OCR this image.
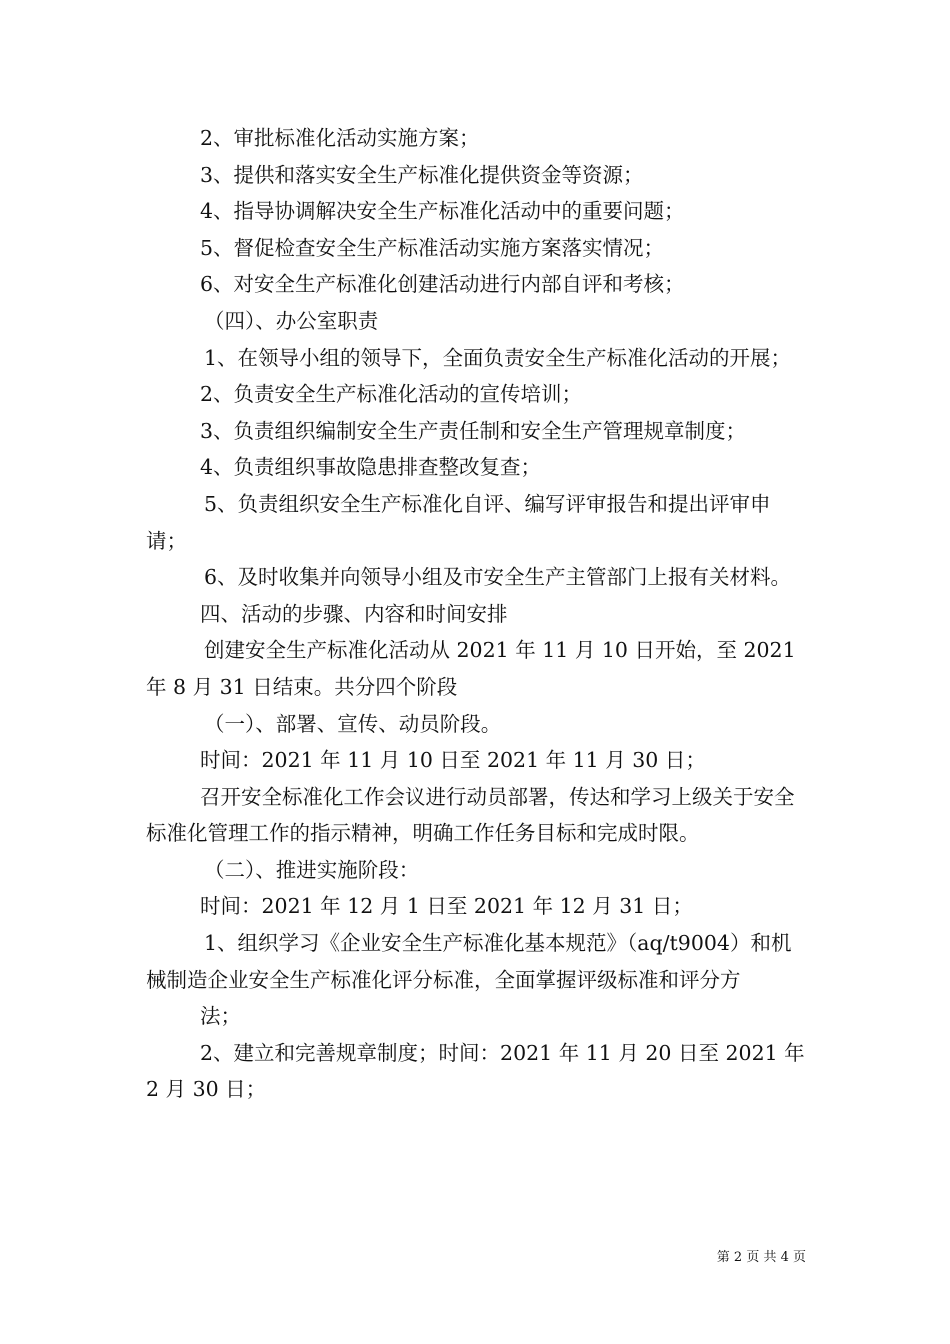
2、审批标准化活动实施方案；

3、提供和落实安全生产标准化提供资金等资源；

4、指导协调解决安全生产标准化活动中的重要问题；

5、督促检查安全生产标准活动实施方案落实情况；

6、对安全生产标准化创建活动进行内部自评和考核；

（四）、办公室职责

1、在领导小组的领导下，全面负责安全生产标准化活动的开展；

2、负责安全生产标准化活动的宣传培训；

3、负责组织编制安全生产责任制和安全生产管理规章制度；

4、负责组织事故隐患排查整改复查；

5、负责组织安全生产标准化自评、编写评审报告和提出评审申请；

6、及时收集并向领导小组及市安全生产主管部门上报有关材料。

四、活动的步骤、内容和时间安排

创建安全生产标准化活动从 2021 年 11 月 10 日开始，至 2021 年 8 月 31 日结束。共分四个阶段

（一）、部署、宣传、动员阶段。

时间：2021 年 11 月 10 日至 2021 年 11 月 30 日；

召开安全标准化工作会议进行动员部署，传达和学习上级关于安全标准化管理工作的指示精神，明确工作任务目标和完成时限。

（二）、推进实施阶段：

时间：2021 年 12 月 1 日至 2021 年 12 月 31 日；

1、组织学习《企业安全生产标准化基本规范》（aq/t9004）和机械制造企业安全生产标准化评分标准，全面掌握评级标准和评分方

法；

2、建立和完善规章制度；时间：2021 年 11 月 20 日至 2021 年 2 月 30 日；

第 2 页 共 4 页
